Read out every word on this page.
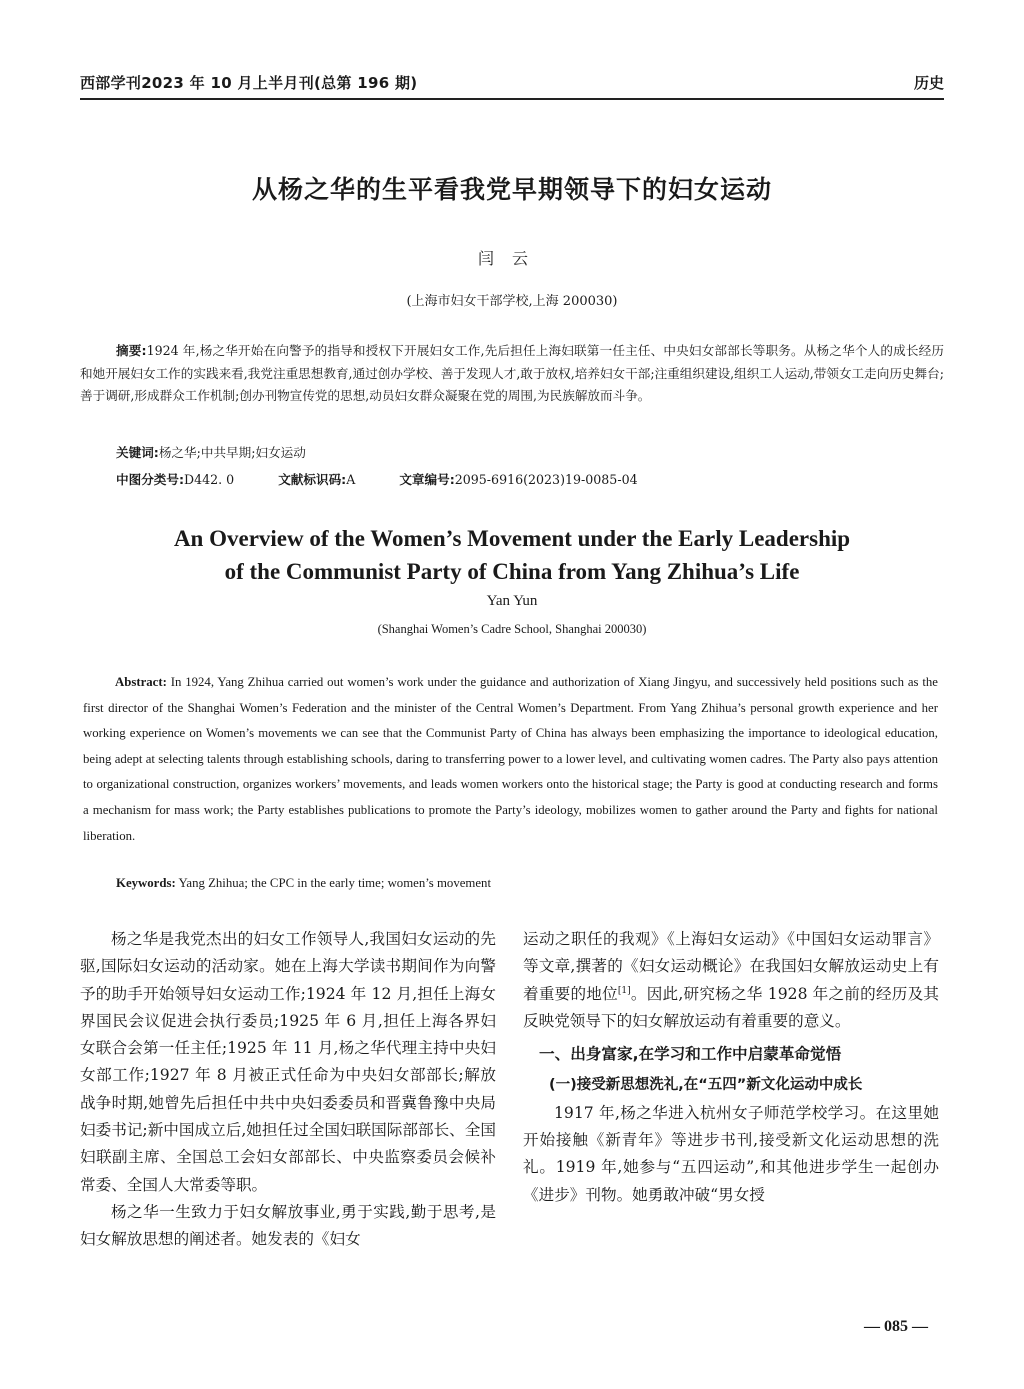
西部学刊2023 年 10 月上半月刊(总第 196 期)	历史
从杨之华的生平看我党早期领导下的妇女运动
闫云
(上海市妇女干部学校,上海 200030)
摘要:1924 年,杨之华开始在向警予的指导和授权下开展妇女工作,先后担任上海妇联第一任主任、中央妇女部部长等职务。从杨之华个人的成长经历和她开展妇女工作的实践来看,我党注重思想教育,通过创办学校、善于发现人才,敢于放权,培养妇女干部;注重组织建设,组织工人运动,带领女工走向历史舞台;善于调研,形成群众工作机制;创办刊物宣传党的思想,动员妇女群众凝聚在党的周围,为民族解放而斗争。
关键词:杨之华;中共早期;妇女运动
中图分类号:D442. 0	文献标识码:A	文章编号:2095-6916(2023)19-0085-04
An Overview of the Women’s Movement under the Early Leadership
of the Communist Party of China from Yang Zhihua’s Life
Yan Yun
(Shanghai Women’s Cadre School, Shanghai 200030)
Abstract: In 1924, Yang Zhihua carried out women’s work under the guidance and authorization of Xiang Jingyu, and successively held positions such as the first director of the Shanghai Women’s Federation and the minister of the Central Women’s Department. From Yang Zhihua’s personal growth experience and her working experience on Women’s movements we can see that the Communist Party of China has always been emphasizing the importance to ideological education, being adept at selecting talents through establishing schools, daring to transferring power to a lower level, and cultivating women cadres. The Party also pays attention to organizational construction, organizes workers’ movements, and leads women workers onto the historical stage; the Party is good at conducting research and forms a mechanism for mass work; the Party establishes publications to promote the Party’s ideology, mobilizes women to gather around the Party and fights for national liberation.
Keywords: Yang Zhihua; the CPC in the early time; women’s movement

杨之华是我党杰出的妇女工作领导人,我国妇女运动的先驱,国际妇女运动的活动家。她在上海大学读书期间作为向警予的助手开始领导妇女运动工作;1924 年 12 月,担任上海女界国民会议促进会执行委员;1925 年 6 月,担任上海各界妇女联合会第一任主任;1925 年 11 月,杨之华代理主持中央妇女部工作;1927 年 8 月被正式任命为中央妇女部部长;解放战争时期,她曾先后担任中共中央妇委委员和晋冀鲁豫中央局妇委书记;新中国成立后,她担任过全国妇联国际部部长、全国妇联副主席、全国总工会妇女部部长、中央监察委员会候补常委、全国人大常委等职。

杨之华一生致力于妇女解放事业,勇于实践,勤于思考,是妇女解放思想的阐述者。她发表的《妇女

运动之职任的我观》《上海妇女运动》《中国妇女运动罪言》等文章,撰著的《妇女运动概论》在我国妇女解放运动史上有着重要的地位[1]。因此,研究杨之华 1928 年之前的经历及其反映党领导下的妇女解放运动有着重要的意义。

一、出身富家,在学习和工作中启蒙革命觉悟
(一)接受新思想洗礼,在“五四”新文化运动中成长

1917 年,杨之华进入杭州女子师范学校学习。在这里她开始接触《新青年》等进步书刊,接受新文化运动思想的洗礼。1919 年,她参与“五四运动”,和其他进步学生一起创办《进步》刊物。她勇敢冲破“男女授

— 085 —
